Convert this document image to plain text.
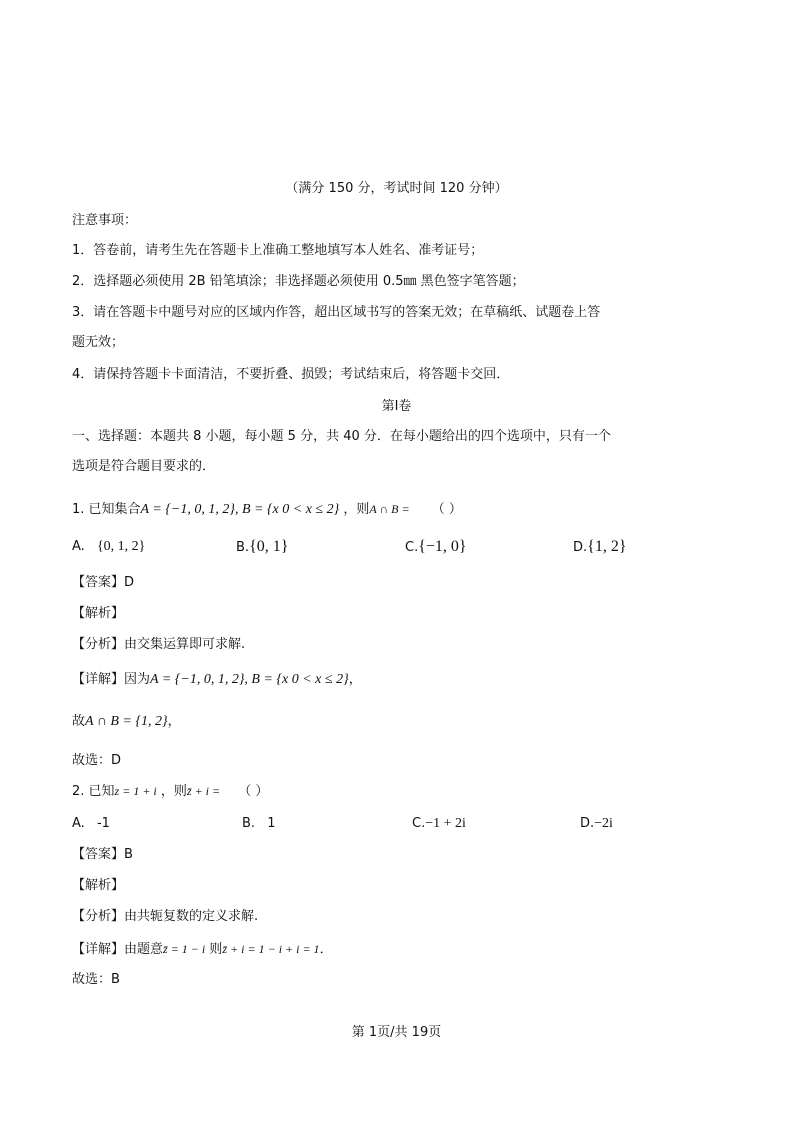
（满分 150 分，考试时间 120 分钟）
注意事项：
1．答卷前，请考生先在答题卡上准确工整地填写本人姓名、准考证号；
2．选择题必须使用 2B 铅笔填涂；非选择题必须使用 0.5㎜ 黑色签字笔答题；
3．请在答题卡中题号对应的区域内作答，超出区域书写的答案无效；在草稿纸、试题卷上答
题无效；
4．请保持答题卡卡面清洁，不要折叠、损毁；考试结束后，将答题卡交回．
第Ⅰ卷
一、选择题：本题共 8 小题，每小题 5 分，共 40 分．在每小题给出的四个选项中，只有一个
选项是符合题目要求的．
1. 已知集合A = {−1, 0, 1, 2}, B = {x 0 < x ≤ 2} ，则A ∩ B = （ ）
A. {0, 1, 2}	B.{0, 1}	C.{−1, 0}	D.{1, 2}
【答案】D
【解析】
【分析】由交集运算即可求解.
【详解】因为A = {−1, 0, 1, 2}, B = {x 0 < x ≤ 2}，
故A ∩ B = {1, 2}，
故选：D
2. 已知z = 1 + i ，则z̄ + i = （ ）
A. -1	B. 1	C.−1 + 2i	D.−2i
【答案】B
【解析】
【分析】由共轭复数的定义求解.
【详解】由题意z̄ = 1 − i 则z̄ + i = 1 − i + i = 1．
故选：B
第 1页/共 19页
